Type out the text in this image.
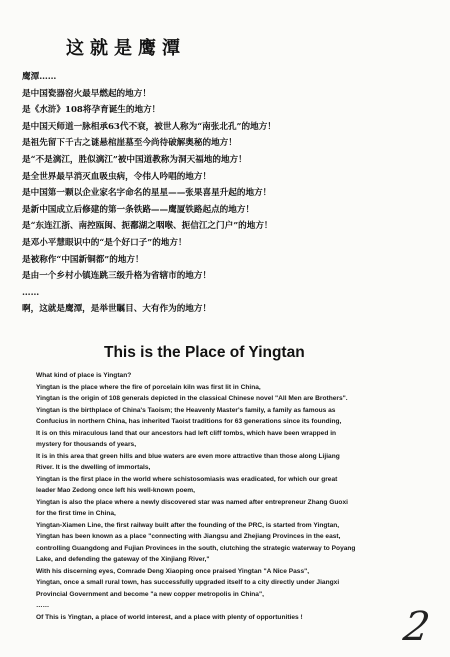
这就是鹰潭
鹰潭……
是中国瓷器窑火最早燃起的地方！
是《水浒》108将孕育诞生的地方！
是中国天师道一脉相承63代不衰，被世人称为“南张北孔”的地方！
是祖先留下千古之谜悬棺崖墓至今尚待破解奥秘的地方！
是“不是漓江，胜似漓江”被中国道教称为洞天福地的地方！
是全世界最早消灭血吸虫病，令伟人吟唱的地方！
是中国第一颗以企业家名字命名的星星——张果喜星升起的地方！
是新中国成立后修建的第一条铁路——鹰厦铁路起点的地方！
是“东连江浙、南控瓯闽、扼鄱湖之咽喉、扼信江之门户”的地方！
是邓小平慧眼识中的“是个好口子”的地方！
是被称作“中国新铜都”的地方！
是由一个乡村小镇连跳三级升格为省辖市的地方！
……
啊，这就是鹰潭，是举世瞩目、大有作为的地方！
This is the Place of Yingtan
What kind of place is Yingtan?
Yingtan is the place where the fire of porcelain kiln was first lit in China,
Yingtan is the origin of 108 generals depicted in the classical Chinese novel "All Men are Brothers".
Yingtan is the birthplace of China's Taoism; the Heavenly Master's family, a family as famous as
Confucius in northern China, has inherited Taoist traditions for 63 generations since its founding,
It is on this miraculous land that our ancestors had left cliff tombs, which have been wrapped in
mystery for thousands of years,
It is in this area that green hills and blue waters are even more attractive than those along Lijiang
River. It is the dwelling of immortals,
Yingtan is the first place in the world where schistosomiasis was eradicated, for which our great
leader Mao Zedong once left his well-known poem,
Yingtan is also the place where a newly discovered star was named after entrepreneur Zhang Guoxi
for the first time in China,
Yingtan-Xiamen Line, the first railway built after the founding of the PRC, is started from Yingtan,
Yingtan has been known as a place "connecting with Jiangsu and Zhejiang Provinces in the east,
controlling Guangdong and Fujian Provinces in the south, clutching the strategic waterway to Poyang
Lake, and defending the gateway of the Xinjiang River,"
With his discerning eyes, Comrade Deng Xiaoping once praised Yingtan "A Nice Pass",
Yingtan, once a small rural town, has successfully upgraded itself to a city directly under Jiangxi
Provincial Government and become "a new copper metropolis in China",
……
Of This is Yingtan, a place of world interest, and a place with plenty of opportunities !	2
